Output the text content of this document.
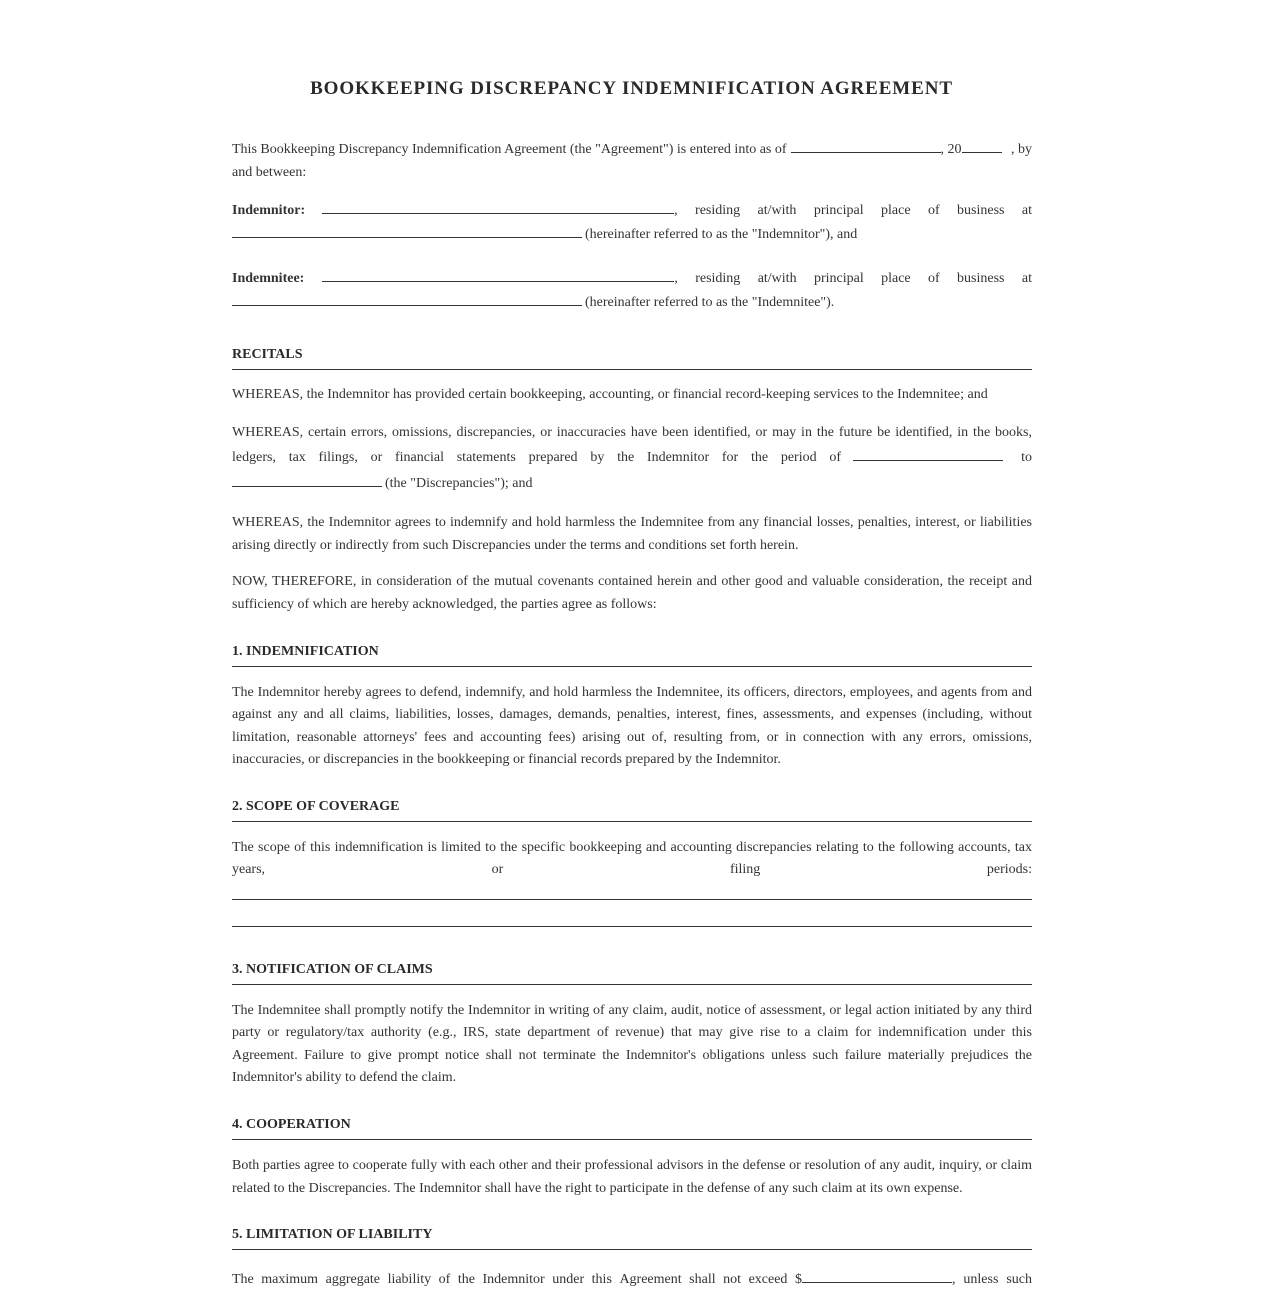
BOOKKEEPING DISCREPANCY INDEMNIFICATION AGREEMENT
This Bookkeeping Discrepancy Indemnification Agreement (the "Agreement") is entered into as of	, 20	, by
and between:
Indemnitor:	, residing at/with principal place of business at
(hereinafter referred to as the "Indemnitor"), and
Indemnitee:	, residing at/with principal place of business at
(hereinafter referred to as the "Indemnitee").
RECITALS

WHEREAS, the Indemnitor has provided certain bookkeeping, accounting, or financial record-keeping services to the Indemnitee; and

WHEREAS, certain errors, omissions, discrepancies, or inaccuracies have been identified, or may in the future be identified, in the books,
ledgers, tax filings, or financial statements prepared by the Indemnitor for the period of	to
(the "Discrepancies"); and

WHEREAS, the Indemnitor agrees to indemnify and hold harmless the Indemnitee from any financial losses, penalties, interest, or liabilities arising directly or indirectly from such Discrepancies under the terms and conditions set forth herein.

NOW, THEREFORE, in consideration of the mutual covenants contained herein and other good and valuable consideration, the receipt and sufficiency of which are hereby acknowledged, the parties agree as follows:

1. INDEMNIFICATION

The Indemnitor hereby agrees to defend, indemnify, and hold harmless the Indemnitee, its officers, directors, employees, and agents from and against any and all claims, liabilities, losses, damages, demands, penalties, interest, fines, assessments, and expenses (including, without limitation, reasonable attorneys' fees and accounting fees) arising out of, resulting from, or in connection with any errors, omissions, inaccuracies, or discrepancies in the bookkeeping or financial records prepared by the Indemnitor.

2. SCOPE OF COVERAGE
The scope of this indemnification is limited to the specific bookkeeping and accounting discrepancies relating to the following accounts, tax
years,	or	filing	periods:
3. NOTIFICATION OF CLAIMS

The Indemnitee shall promptly notify the Indemnitor in writing of any claim, audit, notice of assessment, or legal action initiated by any third party or regulatory/tax authority (e.g., IRS, state department of revenue) that may give rise to a claim for indemnification under this Agreement. Failure to give prompt notice shall not terminate the Indemnitor's obligations unless such failure materially prejudices the Indemnitor's ability to defend the claim.

4. COOPERATION

Both parties agree to cooperate fully with each other and their professional advisors in the defense or resolution of any audit, inquiry, or claim related to the Discrepancies. The Indemnitor shall have the right to participate in the defense of any such claim at its own expense.

5. LIMITATION OF LIABILITY
The maximum aggregate liability of the Indemnitor under this Agreement shall not exceed $	, unless such
